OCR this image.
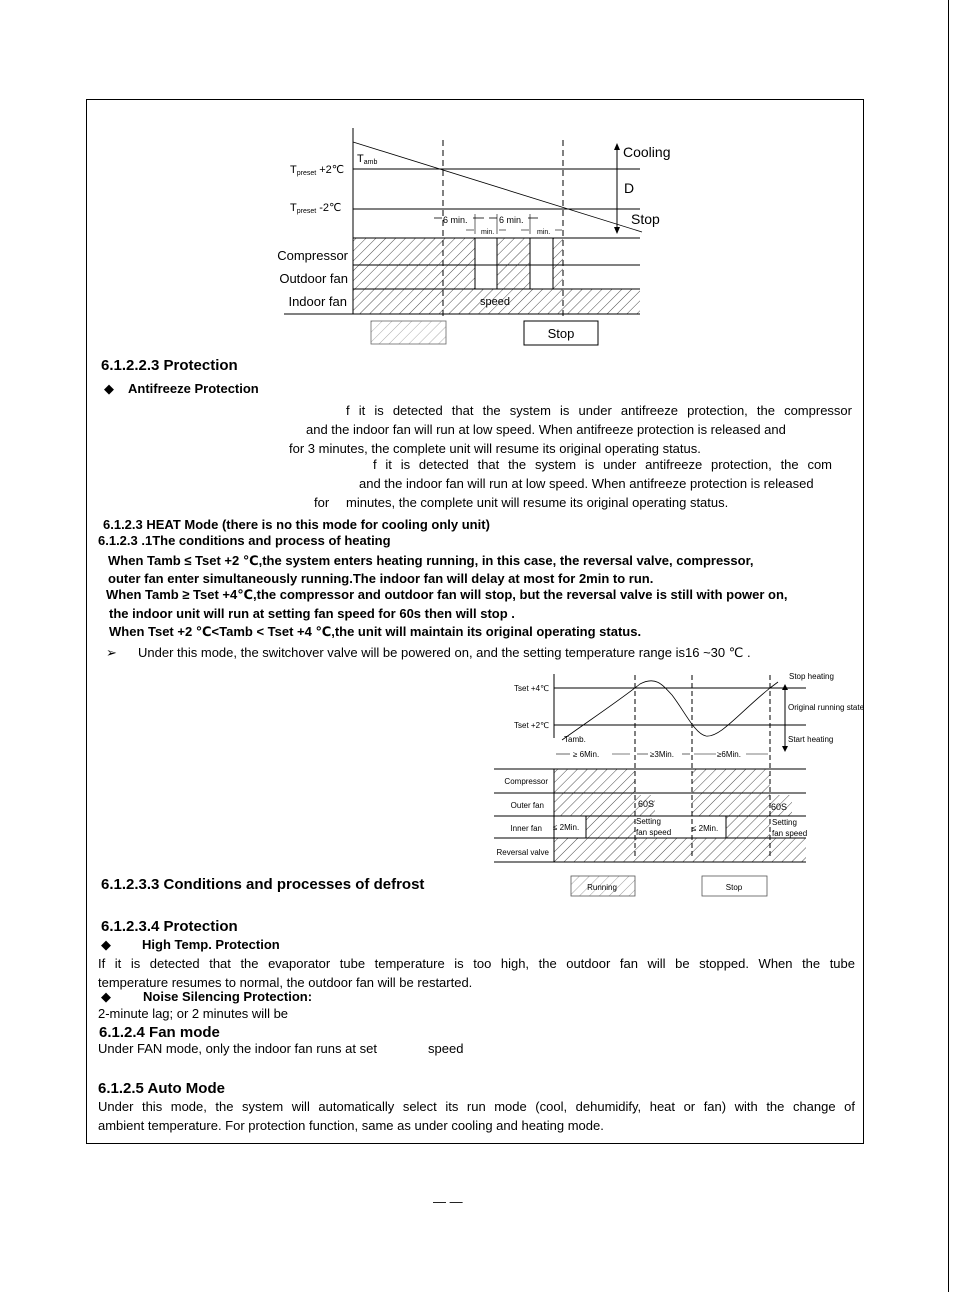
Tpreset +2℃
Tpreset -2℃
Tamb
Cooling
D
Stop
6 min.	6 min.
min.	min.
Compressor
Outdoor fan
Indoor fan	speed
Stop
6.1.2.2.3 Protection
◆ Antifreeze Protection
f it is detected that the system is under antifreeze protection, the compressor
and the indoor fan will run at low speed. When antifreeze protection is released and
for 3 minutes, the complete unit will resume its original operating status.
f it is detected that the system is under antifreeze protection, the com
and the indoor fan will run at low speed. When antifreeze protection is released
for minutes, the complete unit will resume its original operating status.
6.1.2.3 HEAT Mode (there is no this mode for cooling only unit)
6.1.2.3 .1The conditions and process of heating
When Tamb ≤ Tset +2 ℃,the system enters heating running, in this case, the reversal valve, compressor,
outer fan enter simultaneously running.The indoor fan will delay at most for 2min to run.
When Tamb ≥ Tset +4℃,the compressor and outdoor fan will stop, but the reversal valve is still with power on,
the indoor unit will run at setting fan speed for 60s then will stop .
When Tset +2 ℃<Tamb < Tset +4 ℃,the unit will maintain its original operating status.
➢ Under this mode, the switchover valve will be powered on, and the setting temperature range is16 ~30 ℃ .
Tset +4℃
Tset +2℃
Tamb.
Stop heating
Original running state
Start heating
≥ 6Min.	≥3Min.	≥6Min.
Compressor
Outer fan
Inner fan
Reversal valve
60S	60S
≤ 2Min.	≤ 2Min.
Setting
fan speed
Setting
fan speed
Running	Stop
6.1.2.3.3 Conditions and processes of defrost
6.1.2.3.4 Protection
◆ High Temp. Protection
If it is detected that the evaporator tube temperature is too high, the outdoor fan will be stopped. When the tube
temperature resumes to normal, the outdoor fan will be restarted.
◆ Noise Silencing Protection:
2-minute lag; or 2 minutes will be
6.1.2.4 Fan mode
Under FAN mode, only the indoor fan runs at set	speed
6.1.2.5 Auto Mode
Under this mode, the system will automatically select its run mode (cool, dehumidify, heat or fan) with the change of
ambient temperature. For protection function, same as under cooling and heating mode.
— —
